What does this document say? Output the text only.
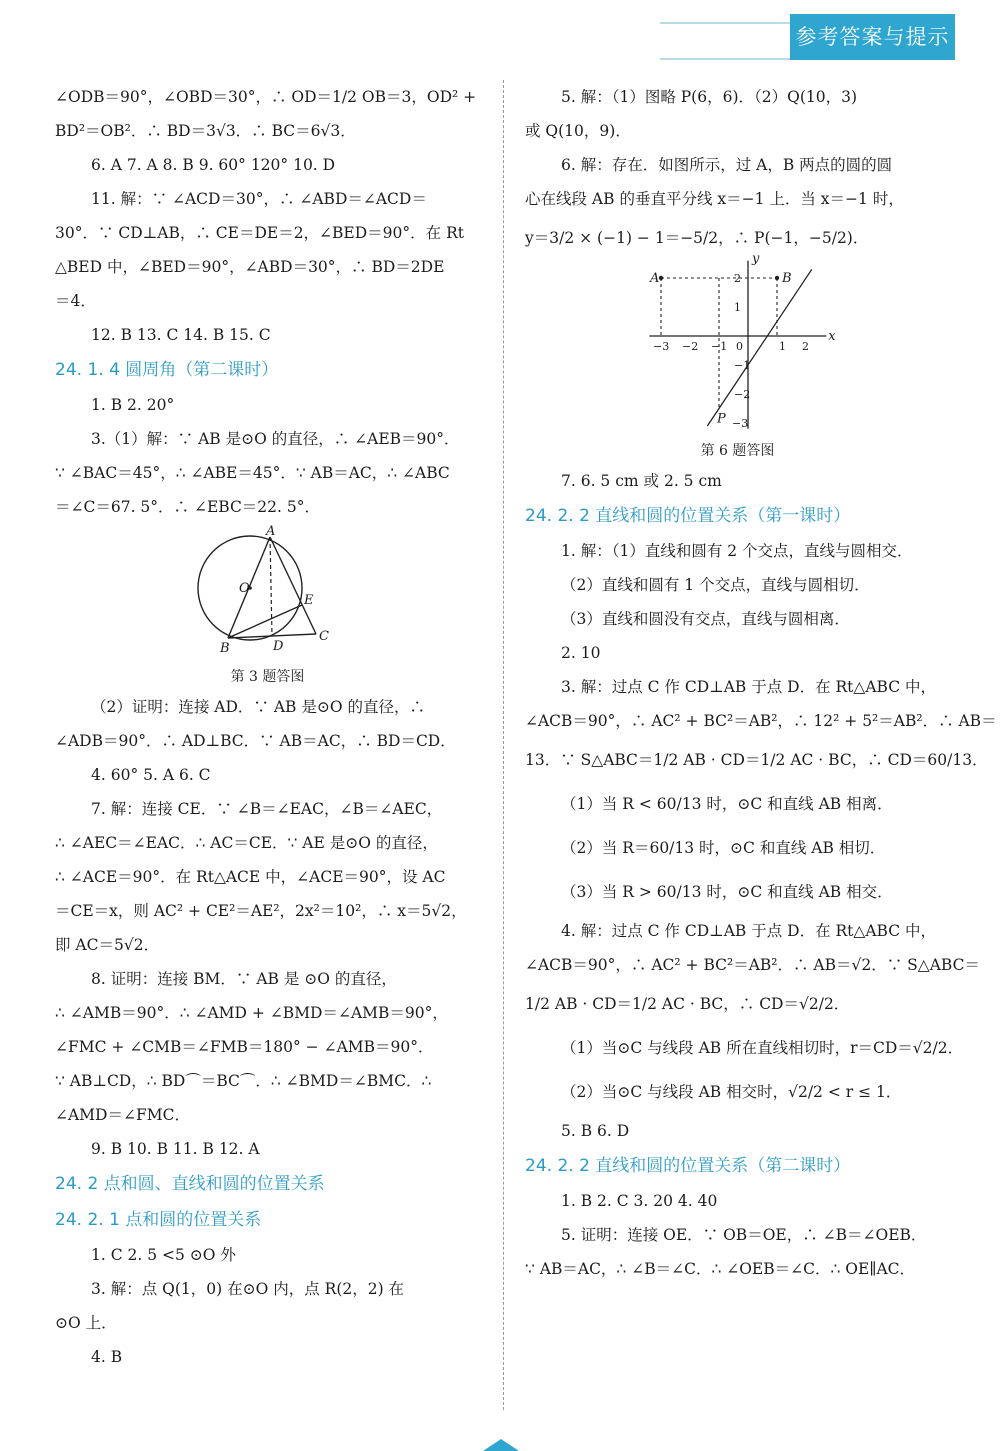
参考答案与提示
∠ODB＝90°，∠OBD＝30°，∴ OD＝1/2 OB＝3，OD² +
BD²＝OB²．∴ BD＝3√3．∴ BC＝6√3．
6. A 7. A 8. B 9. 60° 120° 10. D
11. 解：∵ ∠ACD＝30°，∴ ∠ABD＝∠ACD＝
30°．∵ CD⊥AB，∴ CE＝DE＝2，∠BED＝90°．在 Rt
△BED 中，∠BED＝90°，∠ABD＝30°，∴ BD＝2DE
＝4．
12. B 13. C 14. B 15. C
24. 1. 4 圆周角（第二课时）
1. B 2. 20°
3.（1）解：∵ AB 是⊙O 的直径，∴ ∠AEB＝90°．
∵ ∠BAC＝45°，∴ ∠ABE＝45°．∵ AB＝AC，∴ ∠ABC
＝∠C＝67. 5°．∴ ∠EBC＝22. 5°．
A
O
E
B	D
C
第 3 题答图
（2）证明：连接 AD．∵ AB 是⊙O 的直径，∴
∠ADB＝90°．∴ AD⊥BC．∵ AB＝AC，∴ BD＝CD．
4. 60° 5. A 6. C
7. 解：连接 CE．∵ ∠B＝∠EAC，∠B＝∠AEC，
∴ ∠AEC＝∠EAC．∴ AC＝CE．∵ AE 是⊙O 的直径，
∴ ∠ACE＝90°．在 Rt△ACE 中，∠ACE＝90°，设 AC
＝CE＝x，则 AC² + CE²＝AE²，2x²＝10²，∴ x＝5√2，
即 AC＝5√2．
8. 证明：连接 BM．∵ AB 是 ⊙O 的直径，
∴ ∠AMB＝90°．∴ ∠AMD + ∠BMD＝∠AMB＝90°，
∠FMC + ∠CMB＝∠FMB＝180° − ∠AMB＝90°．
∵ AB⊥CD，∴ BD⌒＝BC⌒．∴ ∠BMD＝∠BMC．∴
∠AMD＝∠FMC．
9. B 10. B 11. B 12. A
24. 2 点和圆、直线和圆的位置关系
24. 2. 1 点和圆的位置关系
1. C 2. 5 <5 ⊙O 外
3. 解：点 Q(1，0) 在⊙O 内，点 R(2，2) 在
⊙O 上．
4. B
5. 解：（1）图略 P(6，6)．（2）Q(10，3)
或 Q(10，9)．
6. 解：存在．如图所示，过 A，B 两点的圆的圆
心在线段 AB 的垂直平分线 x＝−1 上．当 x＝−1 时，
y＝3/2 × (−1) − 1＝−5/2，∴ P(−1，−5/2)．
−3 −2 −1	1 2
1
2
−1
−2
−3
A	B
P
y
x
0
第 6 题答图
7. 6. 5 cm 或 2. 5 cm
24. 2. 2 直线和圆的位置关系（第一课时）
1. 解：（1）直线和圆有 2 个交点，直线与圆相交．
（2）直线和圆有 1 个交点，直线与圆相切．
（3）直线和圆没有交点，直线与圆相离．
2. 10
3. 解：过点 C 作 CD⊥AB 于点 D．在 Rt△ABC 中，
∠ACB＝90°，∴ AC² + BC²＝AB²，∴ 12² + 5²＝AB²．∴ AB＝
13．∵ S△ABC＝1/2 AB · CD＝1/2 AC · BC，∴ CD＝60/13．
（1）当 R < 60/13 时，⊙C 和直线 AB 相离．
（2）当 R＝60/13 时，⊙C 和直线 AB 相切．
（3）当 R > 60/13 时，⊙C 和直线 AB 相交．
4. 解：过点 C 作 CD⊥AB 于点 D．在 Rt△ABC 中，
∠ACB＝90°，∴ AC² + BC²＝AB²．∴ AB＝√2．∵ S△ABC＝
1/2 AB · CD＝1/2 AC · BC，∴ CD＝√2/2．
（1）当⊙C 与线段 AB 所在直线相切时，r＝CD＝√2/2．
（2）当⊙C 与线段 AB 相交时，√2/2 < r ≤ 1．
5. B 6. D
24. 2. 2 直线和圆的位置关系（第二课时）
1. B 2. C 3. 20 4. 40
5. 证明：连接 OE．∵ OB＝OE，∴ ∠B＝∠OEB．
∵ AB＝AC，∴ ∠B＝∠C．∴ ∠OEB＝∠C．∴ OE∥AC．
